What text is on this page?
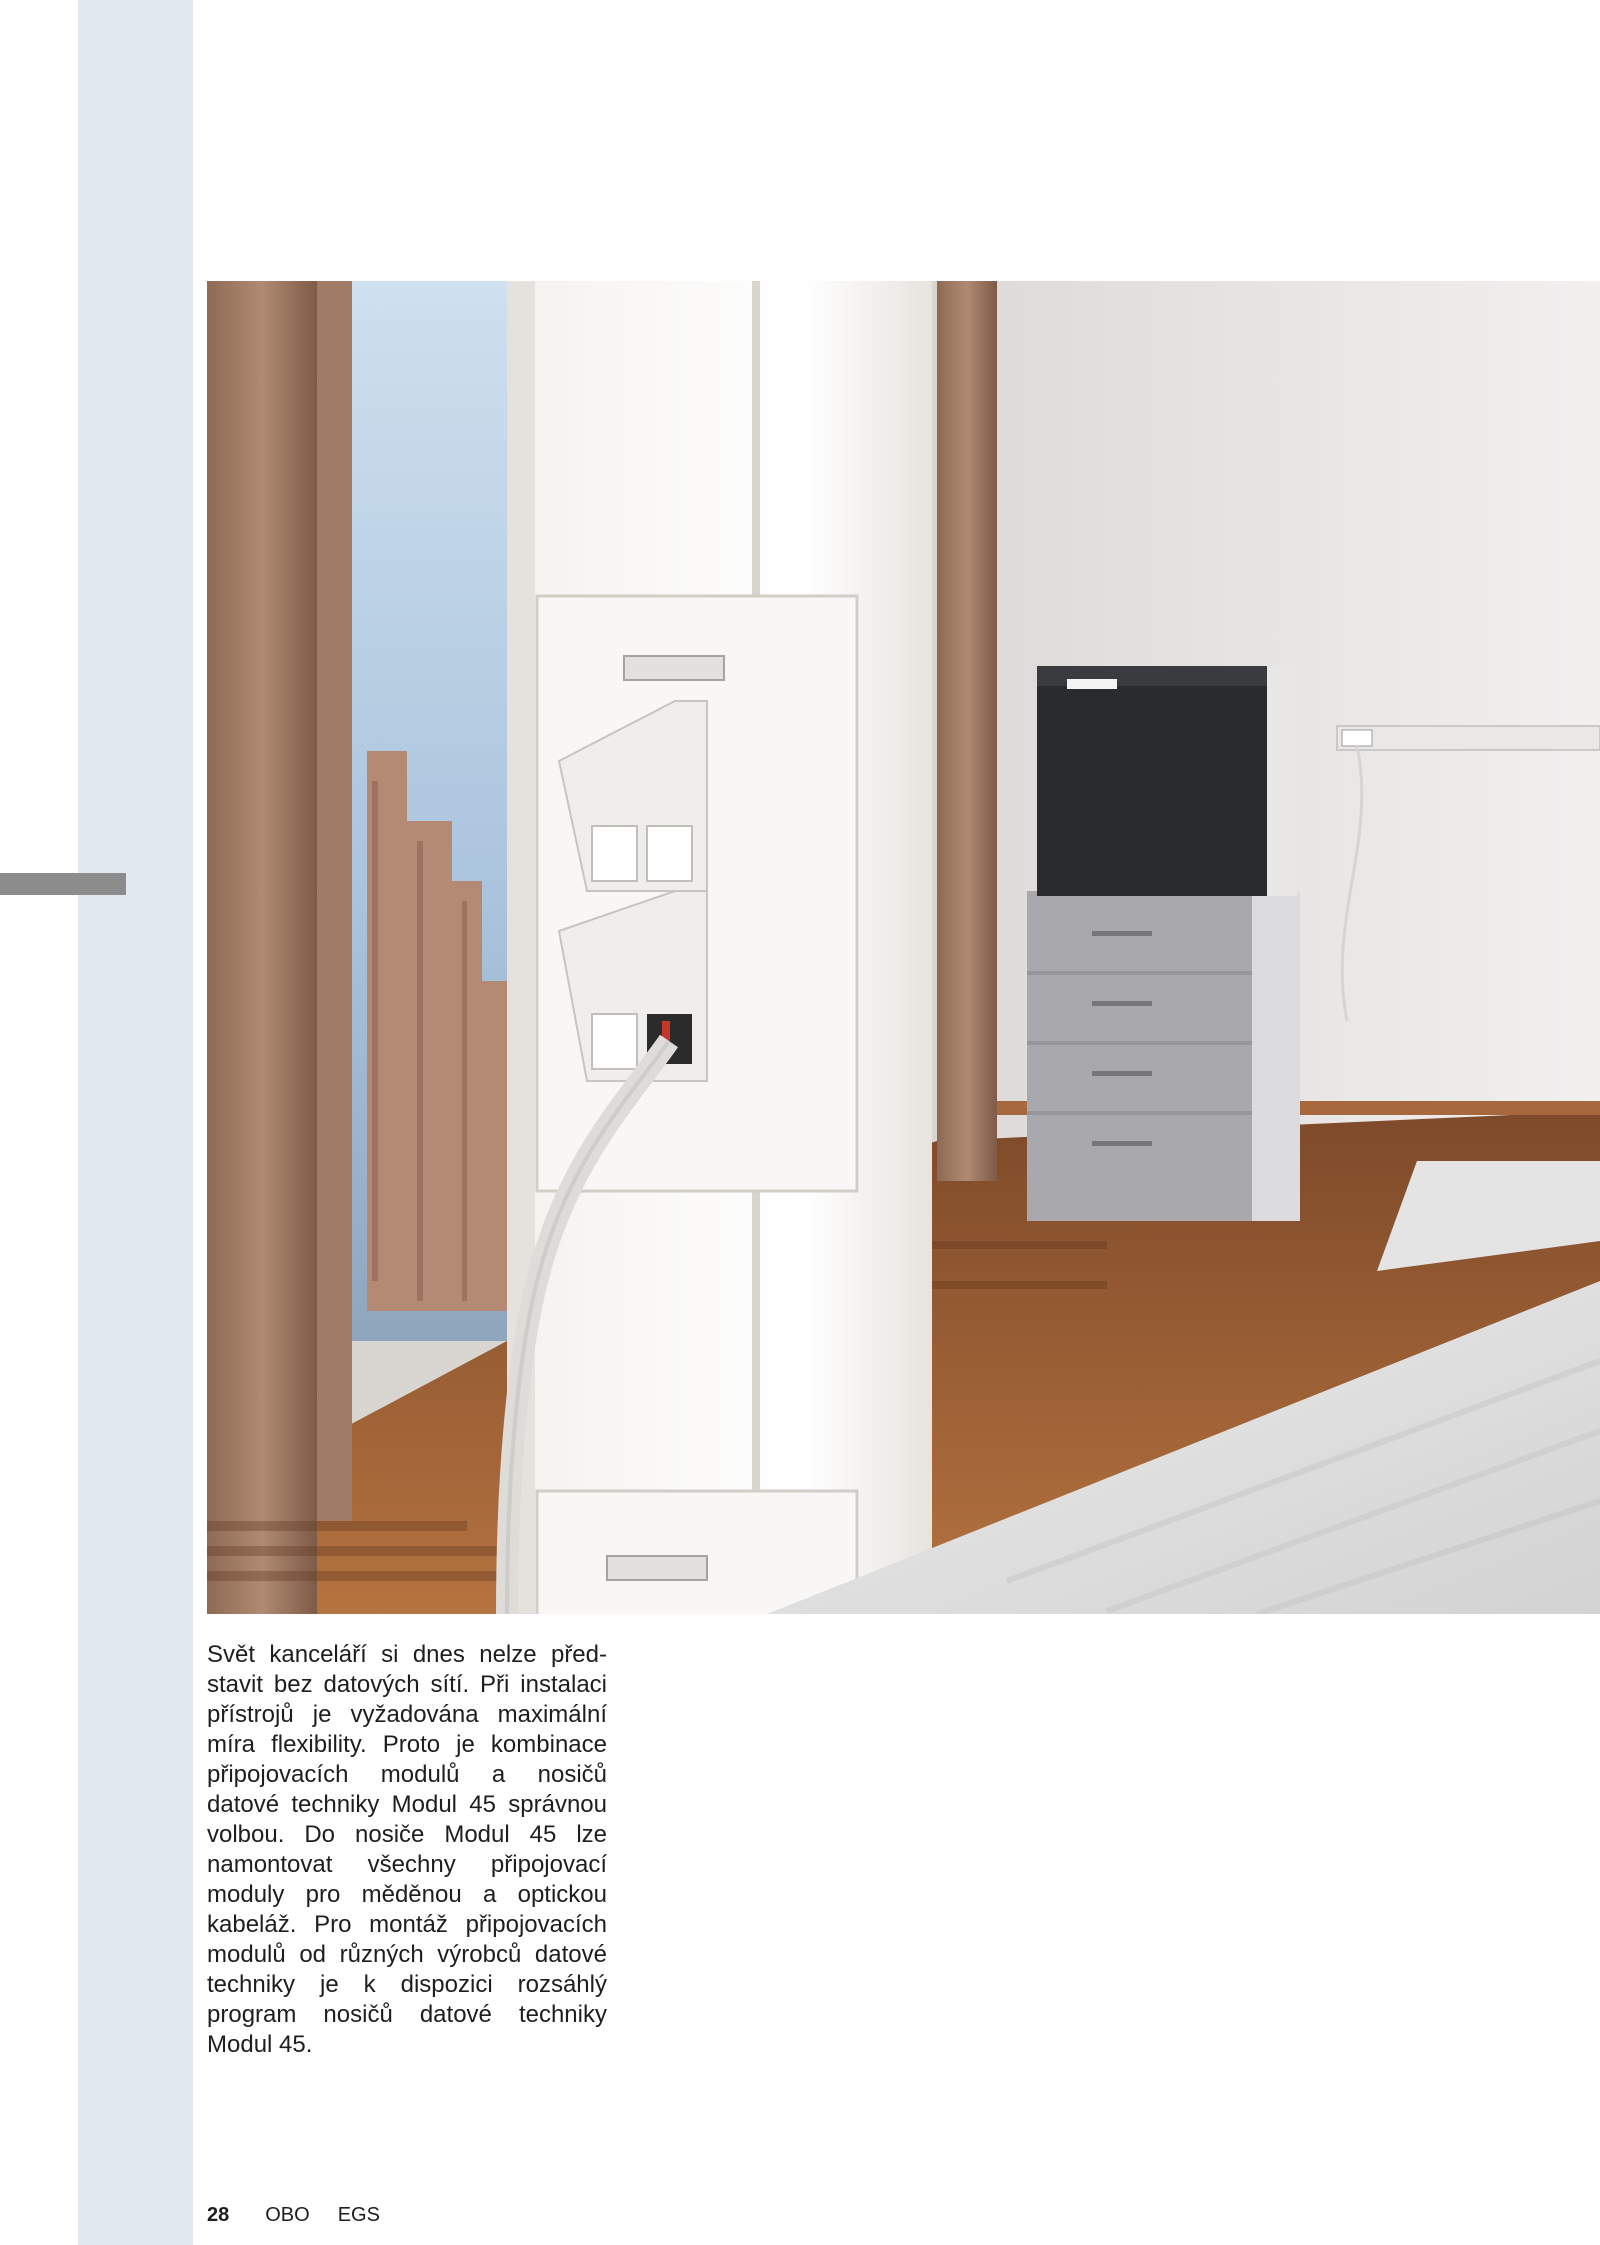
Svět kanceláří si dnes nelze představit bez datových sítí. Při instalaci přístrojů je vyžadována maximální míra flexibility. Proto je kombinace připojovacích modulů a nosičů datové techniky Modul 45 správnou volbou. Do nosiče Modul 45 lze namontovat všechny připojovací moduly pro měděnou a optickou kabeláž. Pro montáž připojovacích modulů od různých výrobců datové techniky je k dispozici rozsáhlý program nosičů datové techniky Modul 45.
28 OBO EGS
